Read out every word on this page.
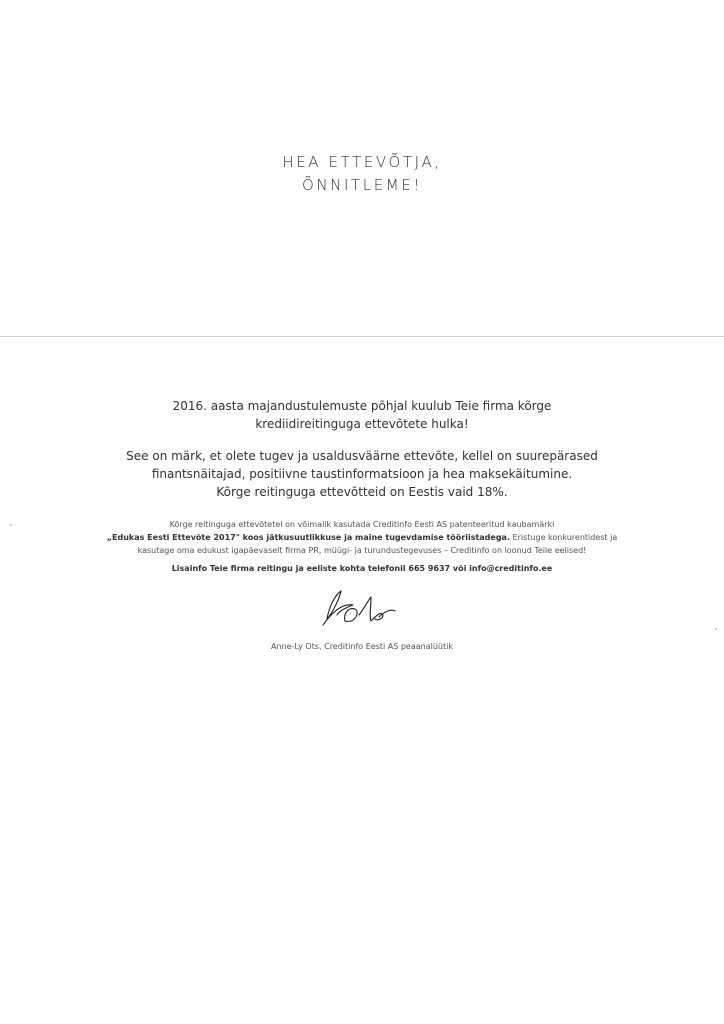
HEA ETTEVÕTJA,
ÕNNITLEME!
2016. aasta majandustulemuste põhjal kuulub Teie firma kõrge
krediidireitinguga ettevõtete hulka!
See on märk, et olete tugev ja usaldusväärne ettevõte, kellel on suurepärased
finantsnäitajad, positiivne taustinformatsioon ja hea maksekäitumine.
Kõrge reitinguga ettevõtteid on Eestis vaid 18%.
Kõrge reitinguga ettevõtetel on võimalik kasutada Creditinfo Eesti AS patenteeritud kaubamärki
„Edukas Eesti Ettevõte 2017" koos jätkusuutlikkuse ja maine tugevdamise tööriistadega. Eristuge konkurentidest ja
kasutage oma edukust igapäevaselt firma PR, müügi- ja turundustegevuses – Creditinfo on loonud Teile eelised!
Lisainfo Teie firma reitingu ja eeliste kohta telefonil 665 9637 või info@creditinfo.ee
Anne-Ly Ots, Creditinfo Eesti AS peaanalüütik
